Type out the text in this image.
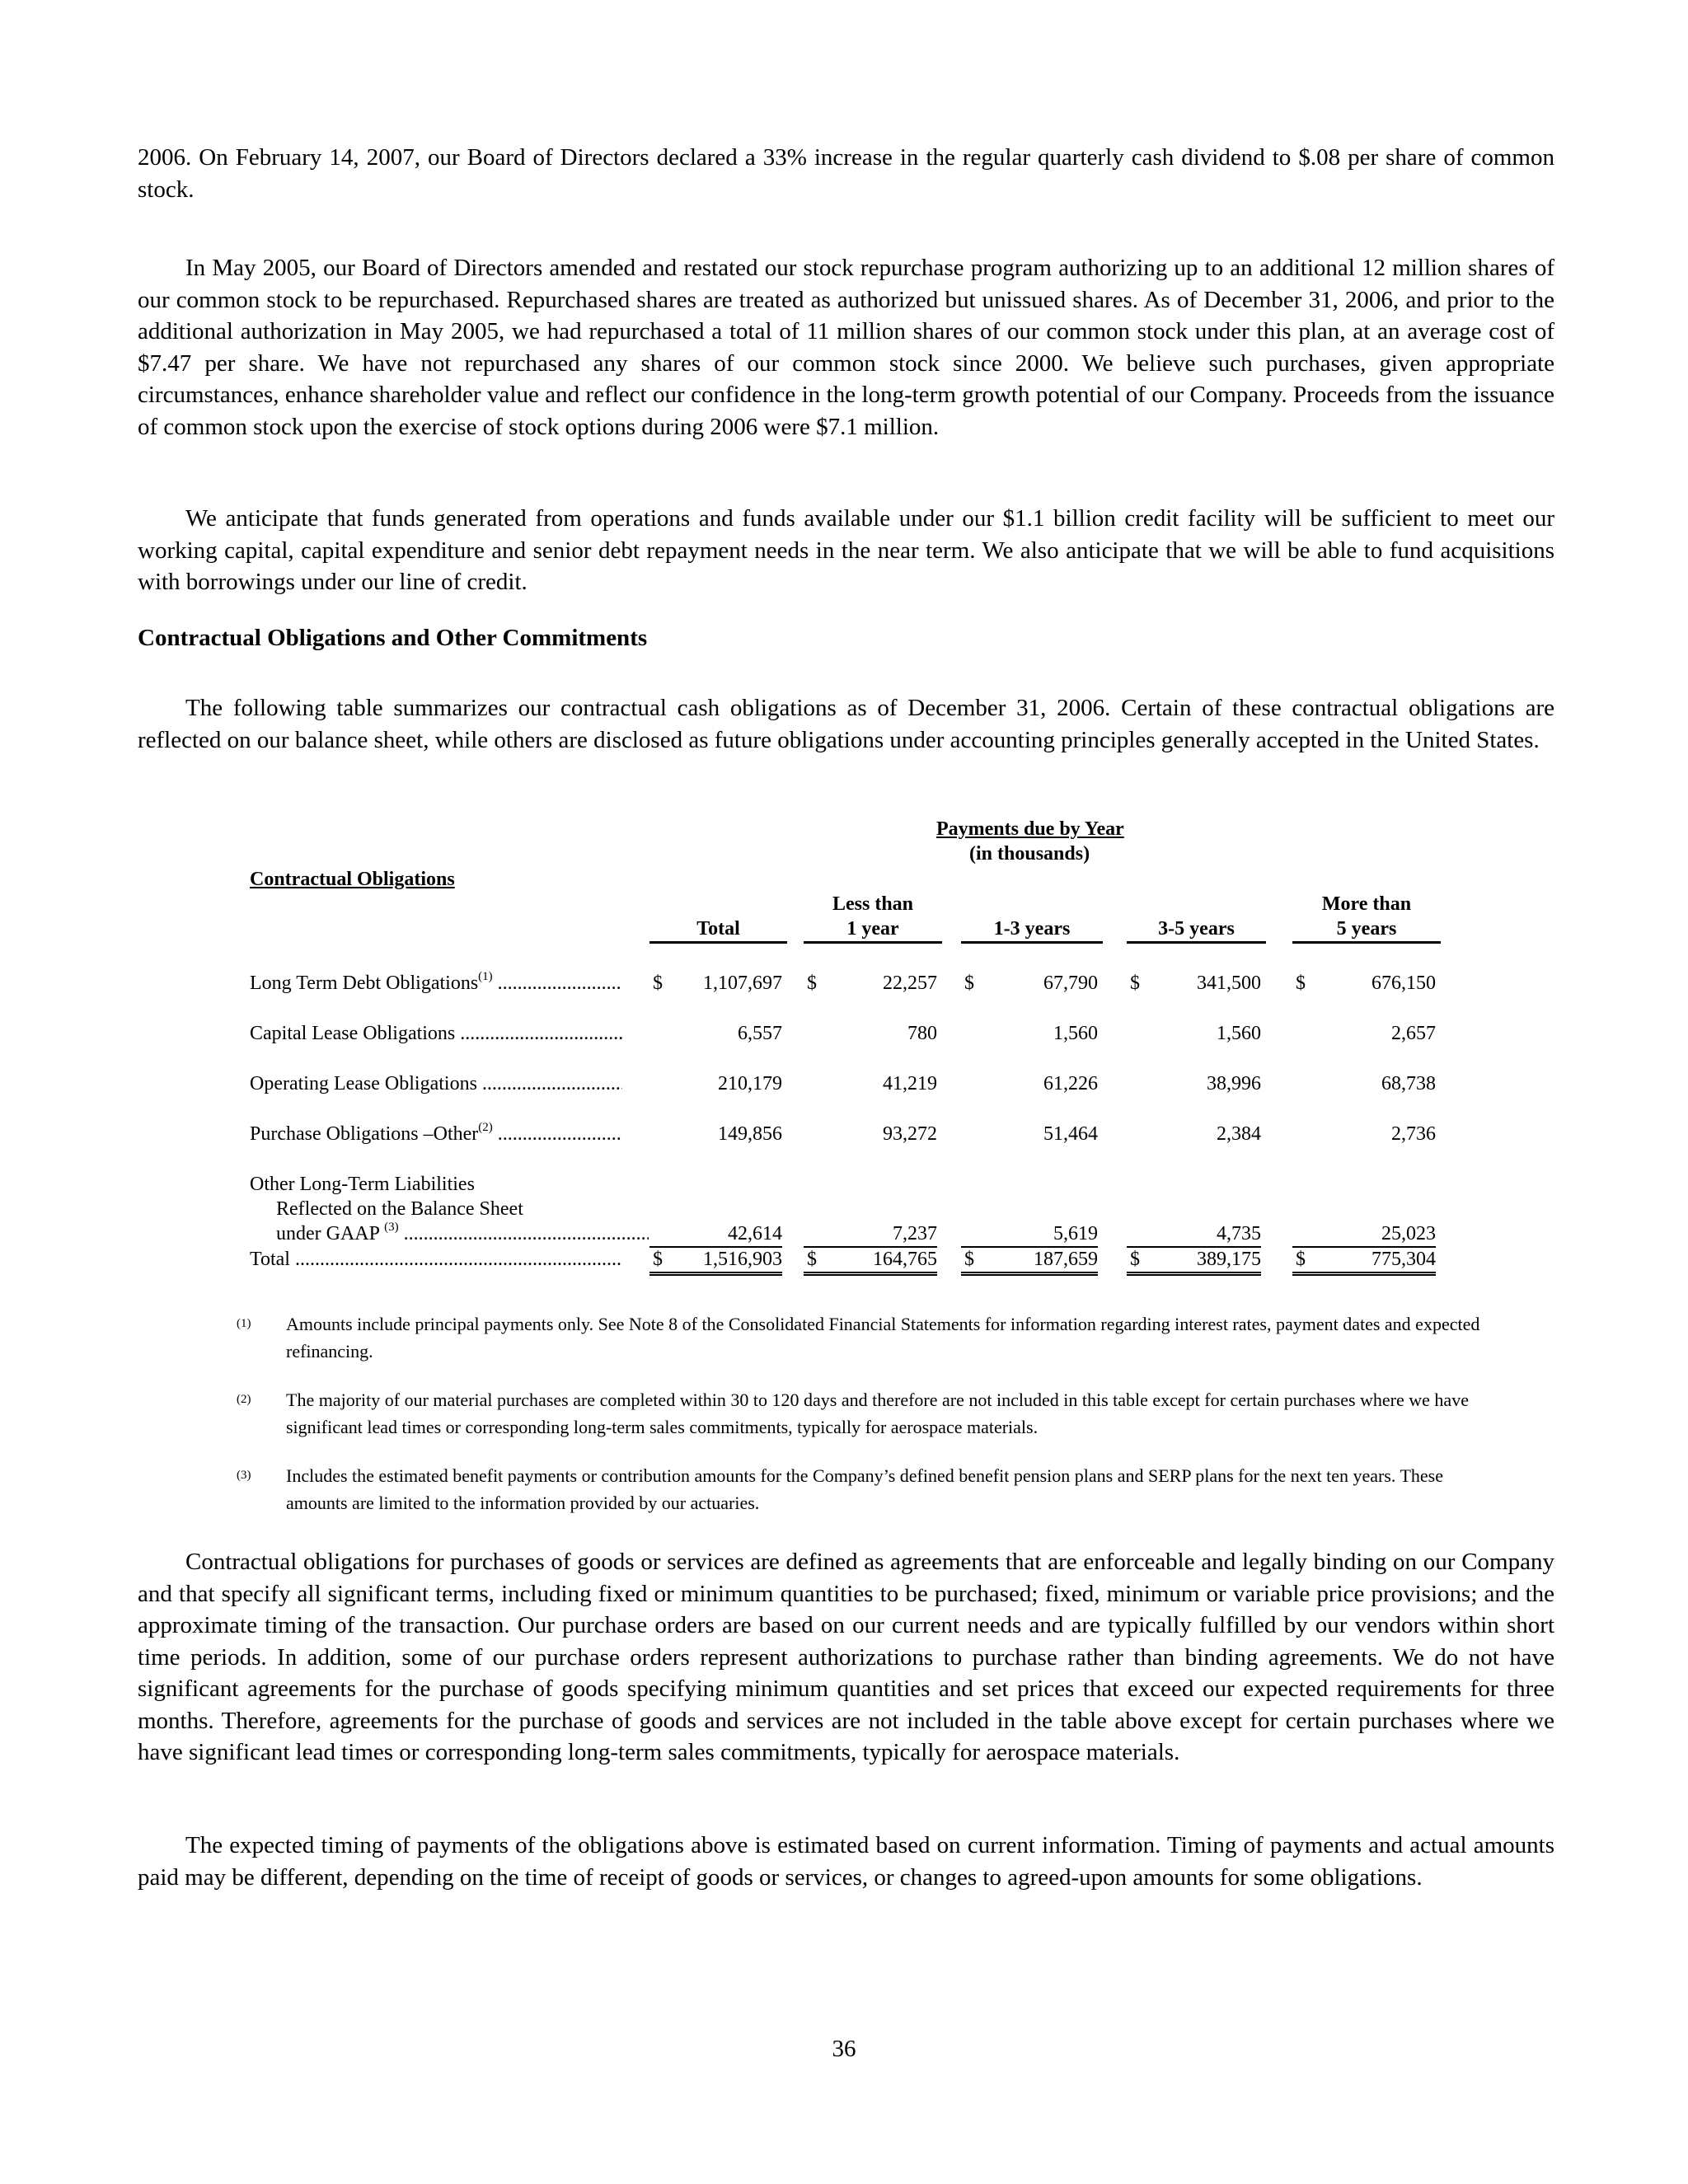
2006. On February 14, 2007, our Board of Directors declared a 33% increase in the regular quarterly cash dividend to $.08 per share of common stock.

In May 2005, our Board of Directors amended and restated our stock repurchase program authorizing up to an additional 12 million shares of our common stock to be repurchased. Repurchased shares are treated as authorized but unissued shares. As of December 31, 2006, and prior to the additional authorization in May 2005, we had repurchased a total of 11 million shares of our common stock under this plan, at an average cost of $7.47 per share. We have not repurchased any shares of our common stock since 2000. We believe such purchases, given appropriate circumstances, enhance shareholder value and reflect our confidence in the long-term growth potential of our Company. Proceeds from the issuance of common stock upon the exercise of stock options during 2006 were $7.1 million.

We anticipate that funds generated from operations and funds available under our $1.1 billion credit facility will be sufficient to meet our working capital, capital expenditure and senior debt repayment needs in the near term. We also anticipate that we will be able to fund acquisitions with borrowings under our line of credit.

Contractual Obligations and Other Commitments

The following table summarizes our contractual cash obligations as of December 31, 2006. Certain of these contractual obligations are reflected on our balance sheet, while others are disclosed as future obligations under accounting principles generally accepted in the United States.

Payments due by Year
(in thousands)
Contractual Obligations
Total
Less than
1 year	1-3 years	3-5 years
More than
5 years
Long Term Debt Obligations$^{(1)}$ .....	$ 1,107,697 $	22,257 $	67,790 $	341,500 $	676,150
Capital Lease Obligations .....	6,557	780	1,560	1,560	2,657
Operating Lease Obligations .....	210,179	41,219	61,226	38,996	68,738
Purchase Obligations –Other$^{(2)}$ .....	149,856	93,272	51,464	2,384	2,736
Other Long-Term Liabilities
Reflected on the Balance Sheet
under GAAP $^{(3)}$ .....	42,614	7,237	5,619	4,735	25,023
Total .....	$ 1,516,903 $	164,765 $	187,659 $	389,175 $	775,304
(1) Amounts include principal payments only. See Note 8 of the Consolidated Financial Statements for information regarding interest rates, payment dates and expected refinancing.
(2) The majority of our material purchases are completed within 30 to 120 days and therefore are not included in this table except for certain purchases where we have significant lead times or corresponding long-term sales commitments, typically for aerospace materials.
(3) Includes the estimated benefit payments or contribution amounts for the Company’s defined benefit pension plans and SERP plans for the next ten years. These amounts are limited to the information provided by our actuaries.

Contractual obligations for purchases of goods or services are defined as agreements that are enforceable and legally binding on our Company and that specify all significant terms, including fixed or minimum quantities to be purchased; fixed, minimum or variable price provisions; and the approximate timing of the transaction. Our purchase orders are based on our current needs and are typically fulfilled by our vendors within short time periods. In addition, some of our purchase orders represent authorizations to purchase rather than binding agreements. We do not have significant agreements for the purchase of goods specifying minimum quantities and set prices that exceed our expected requirements for three months. Therefore, agreements for the purchase of goods and services are not included in the table above except for certain purchases where we have significant lead times or corresponding long-term sales commitments, typically for aerospace materials.

The expected timing of payments of the obligations above is estimated based on current information. Timing of payments and actual amounts paid may be different, depending on the time of receipt of goods or services, or changes to agreed-upon amounts for some obligations.

36
